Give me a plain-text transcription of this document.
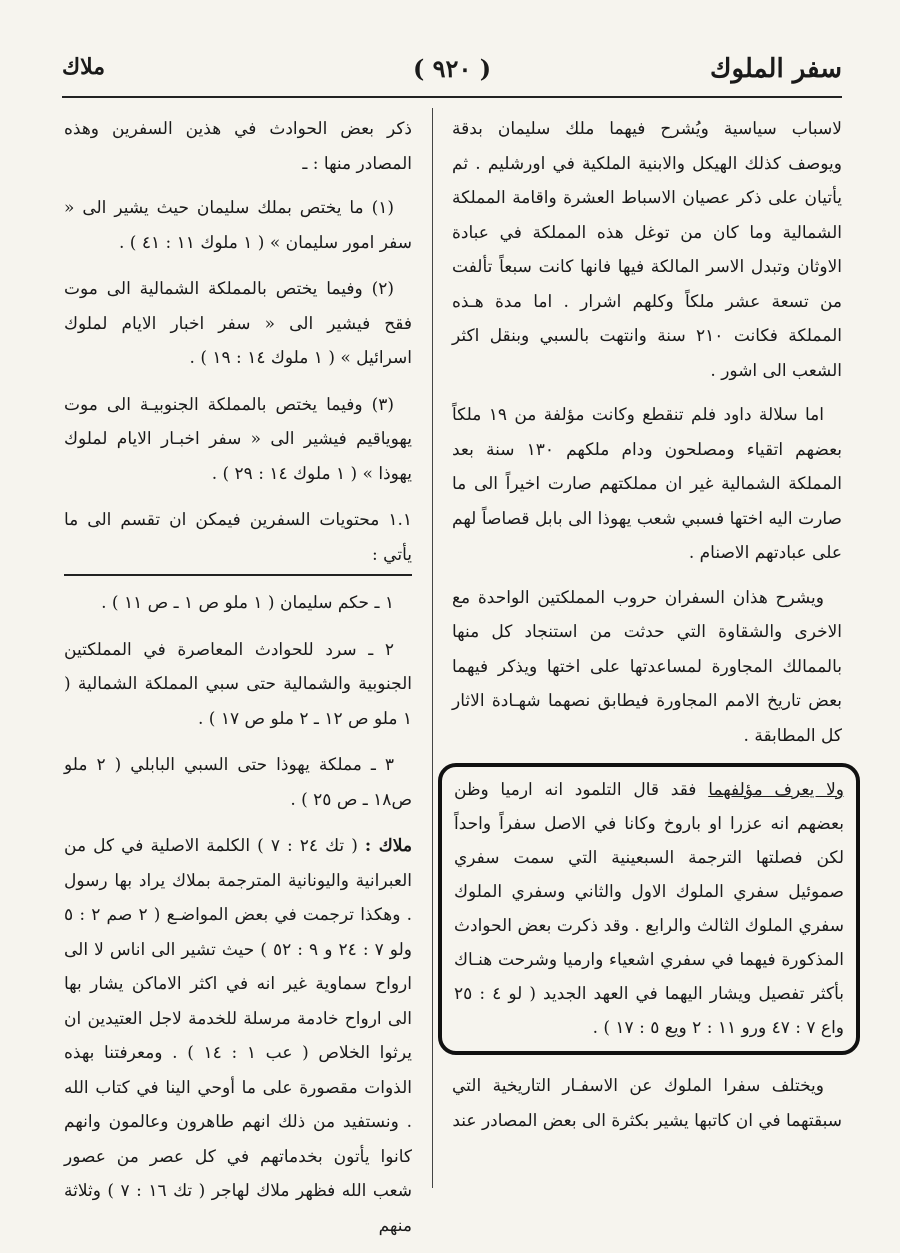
سفر الملوك
( ٩٢٠ )
ملاك

لاسباب سياسية ويُشرح فيهما ملك سليمان بدقة ويوصف كذلك الهيكل والابنية الملكية في اورشليم . ثم يأتيان على ذكر عصيان الاسباط العشرة واقامة المملكة الشمالية وما كان من توغل هذه المملكة في عبادة الاوثان وتبدل الاسر المالكة فيها فانها كانت سبعاً تألفت من تسعة عشر ملكاً وكلهم اشرار . اما مدة هـذه المملكة فكانت ٢١٠ سنة وانتهت بالسبي وبنقل اكثر الشعب الى اشور .

اما سلالة داود فلم تنقطع وكانت مؤلفة من ١٩ ملكاً بعضهم اتقياء ومصلحون ودام ملكهم ١٣٠ سنة بعد المملكة الشمالية غير ان مملكتهم صارت اخيراً الى ما صارت اليه اختها فسبي شعب يهوذا الى بابل قصاصاً لهم على عبادتهم الاصنام .

ويشرح هذان السفران حروب المملكتين الواحدة مع الاخرى والشقاوة التي حدثت من استنجاد كل منها بالممالك المجاورة لمساعدتها على اختها ويذكر فيهما بعض تاريخ الامم المجاورة فيطابق نصهما شهـادة الاثار كل المطابقة .

ولا يعرف مؤلفهما فقد قال التلمود انه ارميا وظن بعضهم انه عزرا او باروخ وكانا في الاصل سفراً واحداً لكن فصلتها الترجمة السبعينية التي سمت سفري صموئيل سفري الملوك الاول والثاني وسفري الملوك سفري الملوك الثالث والرابع . وقد ذكرت بعض الحوادث المذكورة فيهما في سفري اشعياء وارميا وشرحت هنـاك بأكثر تفصيل ويشار اليهما في العهد الجديد ( لو ٤ : ٢٥ واع ٧ : ٤٧ ورو ١١ : ٢ ويع ٥ : ١٧ ) .

ويختلف سفرا الملوك عن الاسفـار التاريخية التي سبقتهما في ان كاتبها يشير بكثرة الى بعض المصادر عند

ذكر بعض الحوادث في هذين السفرين وهذه المصادر منها : ـ

(١) ما يختص بملك سليمان حيث يشير الى « سفر امور سليمان » ( ١ ملوك ١١ : ٤١ ) .

(٢) وفيما يختص بالمملكة الشمالية الى موت فقح فيشير الى « سفر اخبار الايام لملوك اسرائيل » ( ١ ملوك ١٤ : ١٩ ) .

(٣) وفيما يختص بالمملكة الجنوبيـة الى موت يهوياقيم فيشير الى « سفر اخبـار الايام لملوك يهوذا » ( ١ ملوك ١٤ : ٢٩ ) .

١.١ محتويات السفرين فيمكن ان تقسم الى ما يأتي :

١ ـ حكم سليمان ( ١ ملو ص ١ ـ ص ١١ ) .

٢ ـ سرد للحوادث المعاصرة في المملكتين الجنوبية والشمالية حتى سبي المملكة الشمالية ( ١ ملو ص ١٢ ـ ٢ ملو ص ١٧ ) .

٣ ـ مملكة يهوذا حتى السبي البابلي ( ٢ ملو ص١٨ ـ ص ٢٥ ) .

ملاك : ( تك ٢٤ : ٧ ) الكلمة الاصلية في كل من العبرانية واليونانية المترجمة بملاك يراد بها رسول . وهكذا ترجمت في بعض المواضـع ( ٢ صم ٢ : ٥ ولو ٧ : ٢٤ و ٩ : ٥٢ ) حيث تشير الى اناس لا الى ارواح سماوية غير انه في اكثر الاماكن يشار بها الى ارواح خادمة مرسلة للخدمة لاجل العتيدين ان يرثوا الخلاص ( عب ١ : ١٤ ) . ومعرفتنا بهذه الذوات مقصورة على ما أوحي الينا في كتاب الله . ونستفيد من ذلك انهم طاهرون وعالمون وانهم كانوا يأتون بخدماتهم في كل عصر من عصور شعب الله فظهر ملاك لهاجر ( تك ١٦ : ٧ ) وثلاثة منهم
